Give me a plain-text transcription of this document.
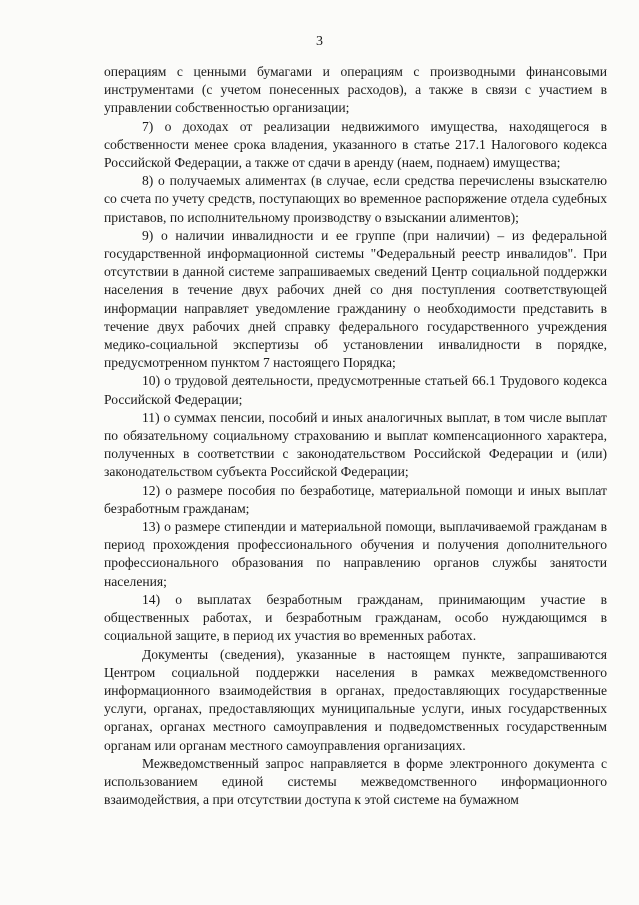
3

операциям с ценными бумагами и операциям с производными финансовыми инструментами (с учетом понесенных расходов), а также в связи с участием в управлении собственностью организации;

7) о доходах от реализации недвижимого имущества, находящегося в собственности менее срока владения, указанного в статье 217.1 Налогового кодекса Российской Федерации, а также от сдачи в аренду (наем, поднаем) имущества;

8) о получаемых алиментах (в случае, если средства перечислены взыскателю со счета по учету средств, поступающих во временное распоряжение отдела судебных приставов, по исполнительному производству о взыскании алиментов);

9) о наличии инвалидности и ее группе (при наличии) – из федеральной государственной информационной системы "Федеральный реестр инвалидов". При отсутствии в данной системе запрашиваемых сведений Центр социальной поддержки населения в течение двух рабочих дней со дня поступления соответствующей информации направляет уведомление гражданину о необходимости представить в течение двух рабочих дней справку федерального государственного учреждения медико-социальной экспертизы об установлении инвалидности в порядке, предусмотренном пунктом 7 настоящего Порядка;

10) о трудовой деятельности, предусмотренные статьей 66.1 Трудового кодекса Российской Федерации;

11) о суммах пенсии, пособий и иных аналогичных выплат, в том числе выплат по обязательному социальному страхованию и выплат компенсационного характера, полученных в соответствии с законодательством Российской Федерации и (или) законодательством субъекта Российской Федерации;

12) о размере пособия по безработице, материальной помощи и иных выплат безработным гражданам;

13) о размере стипендии и материальной помощи, выплачиваемой гражданам в период прохождения профессионального обучения и получения дополнительного профессионального образования по направлению органов службы занятости населения;

14) о выплатах безработным гражданам, принимающим участие в общественных работах, и безработным гражданам, особо нуждающимся в социальной защите, в период их участия во временных работах.

Документы (сведения), указанные в настоящем пункте, запрашиваются Центром социальной поддержки населения в рамках межведомственного информационного взаимодействия в органах, предоставляющих государственные услуги, органах, предоставляющих муниципальные услуги, иных государственных органах, органах местного самоуправления и подведомственных государственным органам или органам местного самоуправления организациях.

Межведомственный запрос направляется в форме электронного документа с использованием единой системы межведомственного информационного взаимодействия, а при отсутствии доступа к этой системе на бумажном
